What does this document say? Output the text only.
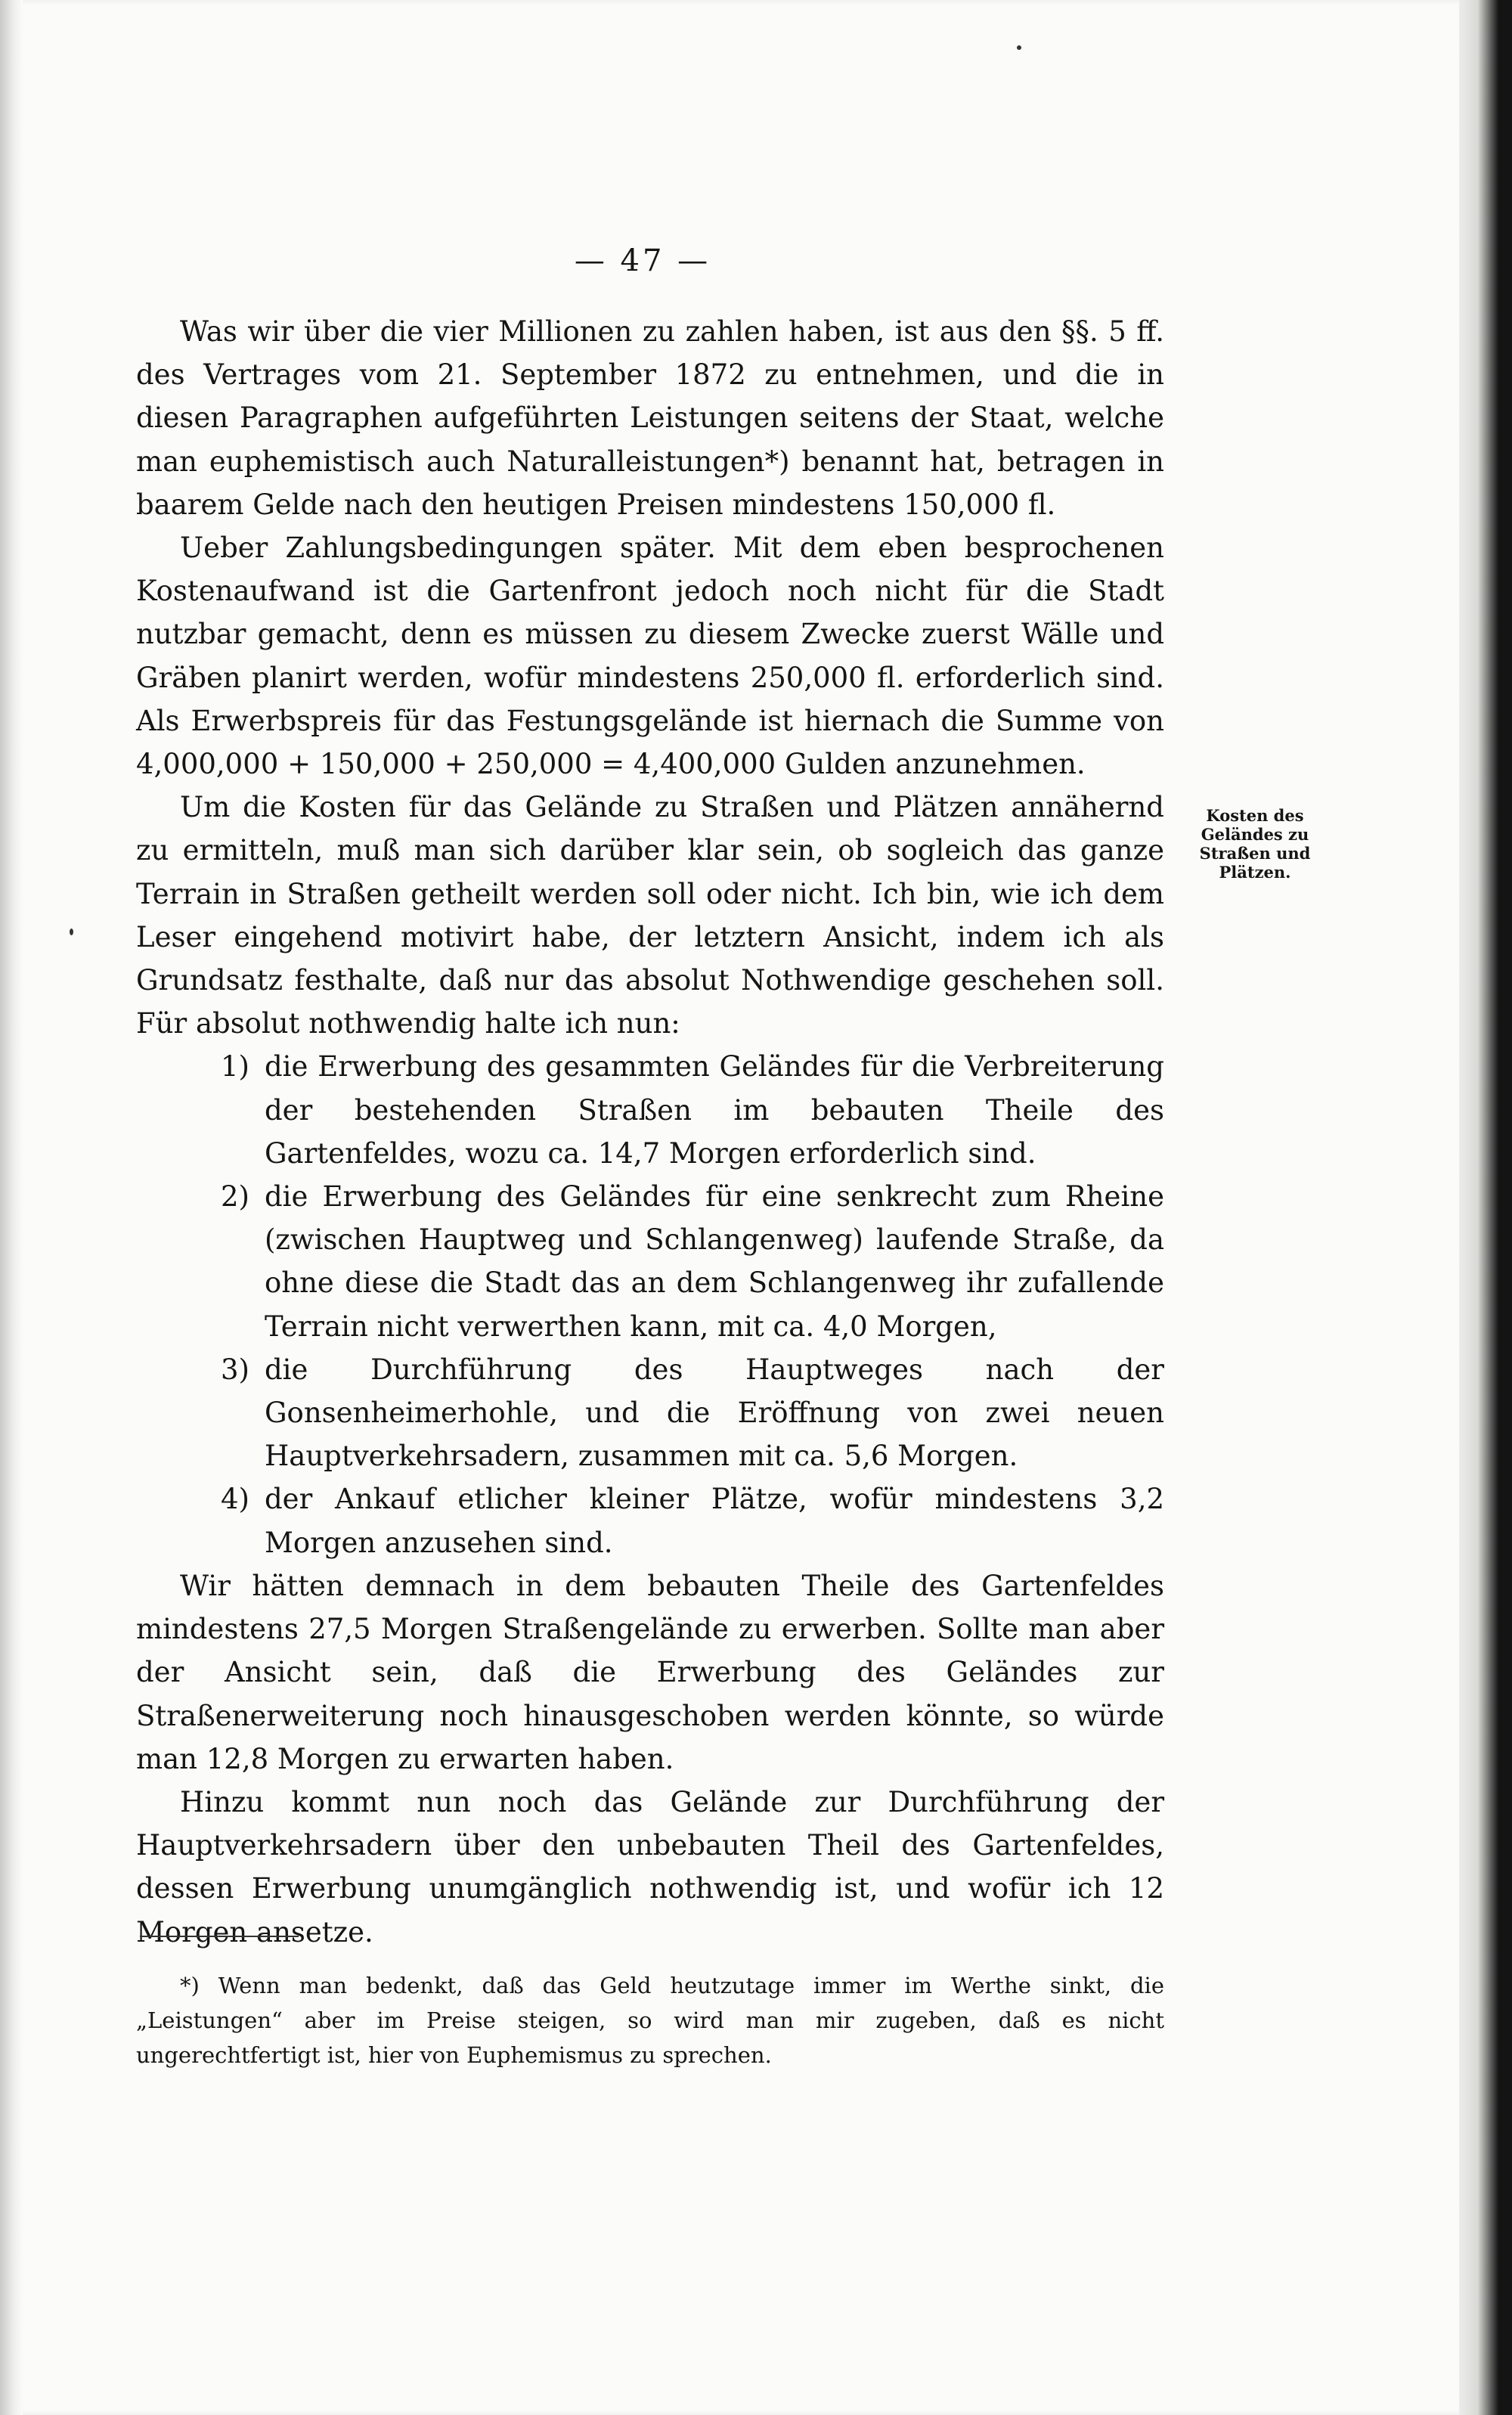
— 47 —

Was wir über die vier Millionen zu zahlen haben, ist aus den §§. 5 ff. des Vertrages vom 21. September 1872 zu entnehmen, und die in diesen Paragraphen aufgeführten Leistungen seitens der Staat, welche man euphemistisch auch Naturalleistungen*) benannt hat, betragen in baarem Gelde nach den heutigen Preisen mindestens 150,000 fl.

Ueber Zahlungsbedingungen später. Mit dem eben besprochenen Kostenaufwand ist die Gartenfront jedoch noch nicht für die Stadt nutzbar gemacht, denn es müssen zu diesem Zwecke zuerst Wälle und Gräben planirt werden, wofür mindestens 250,000 fl. erforderlich sind. Als Erwerbspreis für das Festungsgelände ist hiernach die Summe von 4,000,000 + 150,000 + 250,000 = 4,400,000 Gulden anzunehmen.

Um die Kosten für das Gelände zu Straßen und Plätzen annähernd zu ermitteln, muß man sich darüber klar sein, ob sogleich das ganze Terrain in Straßen getheilt werden soll oder nicht. Ich bin, wie ich dem Leser eingehend motivirt habe, der letztern Ansicht, indem ich als Grundsatz festhalte, daß nur das absolut Nothwendige geschehen soll. Für absolut nothwendig halte ich nun:

1) die Erwerbung des gesammten Geländes für die Verbreiterung der bestehenden Straßen im bebauten Theile des Gartenfeldes, wozu ca. 14,7 Morgen erforderlich sind.
2) die Erwerbung des Geländes für eine senkrecht zum Rheine (zwischen Hauptweg und Schlangenweg) laufende Straße, da ohne diese die Stadt das an dem Schlangenweg ihr zufallende Terrain nicht verwerthen kann, mit ca. 4,0 Morgen,
3) die Durchführung des Hauptweges nach der Gonsenheimerhohle, und die Eröffnung von zwei neuen Hauptverkehrsadern, zusammen mit ca. 5,6 Morgen.
4) der Ankauf etlicher kleiner Plätze, wofür mindestens 3,2 Morgen anzusehen sind.

Wir hätten demnach in dem bebauten Theile des Gartenfeldes mindestens 27,5 Morgen Straßengelände zu erwerben. Sollte man aber der Ansicht sein, daß die Erwerbung des Geländes zur Straßenerweiterung noch hinausgeschoben werden könnte, so würde man 12,8 Morgen zu erwarten haben.

Hinzu kommt nun noch das Gelände zur Durchführung der Hauptverkehrsadern über den unbebauten Theil des Gartenfeldes, dessen Erwerbung unumgänglich nothwendig ist, und wofür ich 12 Morgen ansetze.

Kosten des Geländes zu Straßen und Plätzen.

*) Wenn man bedenkt, daß das Geld heutzutage immer im Werthe sinkt, die „Leistungen“ aber im Preise steigen, so wird man mir zugeben, daß es nicht ungerechtfertigt ist, hier von Euphemismus zu sprechen.
